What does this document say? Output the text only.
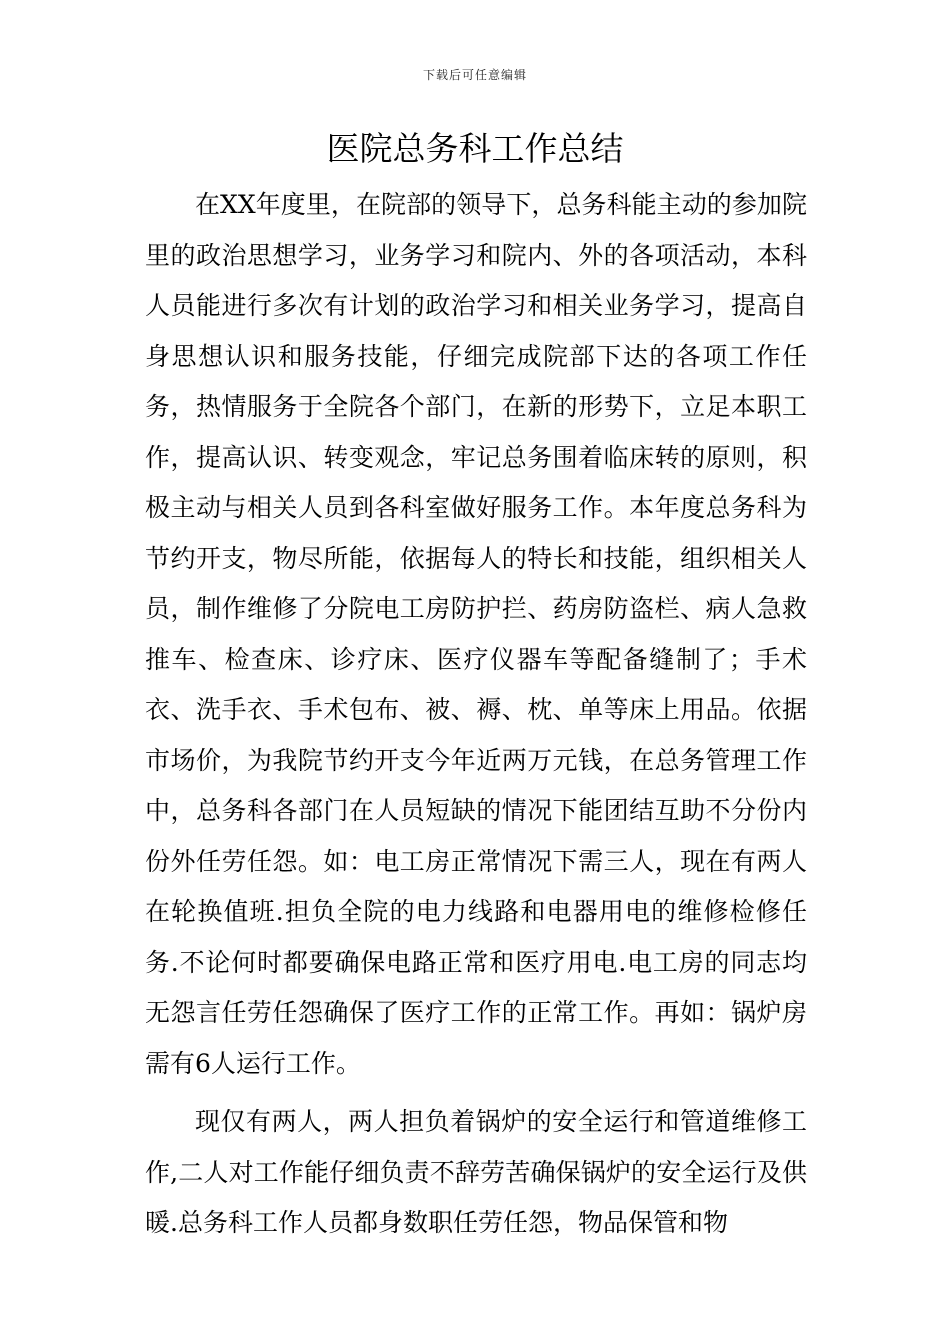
下载后可任意编辑
医院总务科工作总结

在XX年度里，在院部的领导下，总务科能主动的参加院里的政治思想学习，业务学习和院内、外的各项活动，本科人员能进行多次有计划的政治学习和相关业务学习，提高自身思想认识和服务技能，仔细完成院部下达的各项工作任务，热情服务于全院各个部门，在新的形势下，立足本职工作，提高认识、转变观念，牢记总务围着临床转的原则，积极主动与相关人员到各科室做好服务工作。本年度总务科为节约开支，物尽所能，依据每人的特长和技能，组织相关人员，制作维修了分院电工房防护拦、药房防盗栏、病人急救推车、检查床、诊疗床、医疗仪器车等配备缝制了；手术衣、洗手衣、手术包布、被、褥、枕、单等床上用品。依据市场价，为我院节约开支今年近两万元钱，在总务管理工作中，总务科各部门在人员短缺的情况下能团结互助不分份内份外任劳任怨。如：电工房正常情况下需三人，现在有两人在轮换值班.担负全院的电力线路和电器用电的维修检修任务.不论何时都要确保电路正常和医疗用电.电工房的同志均无怨言任劳任怨确保了医疗工作的正常工作。再如：锅炉房需有6人运行工作。

现仅有两人，两人担负着锅炉的安全运行和管道维修工作,二人对工作能仔细负责不辞劳苦确保锅炉的安全运行及供暖.总务科工作人员都身数职任劳任怨，物品保管和物
